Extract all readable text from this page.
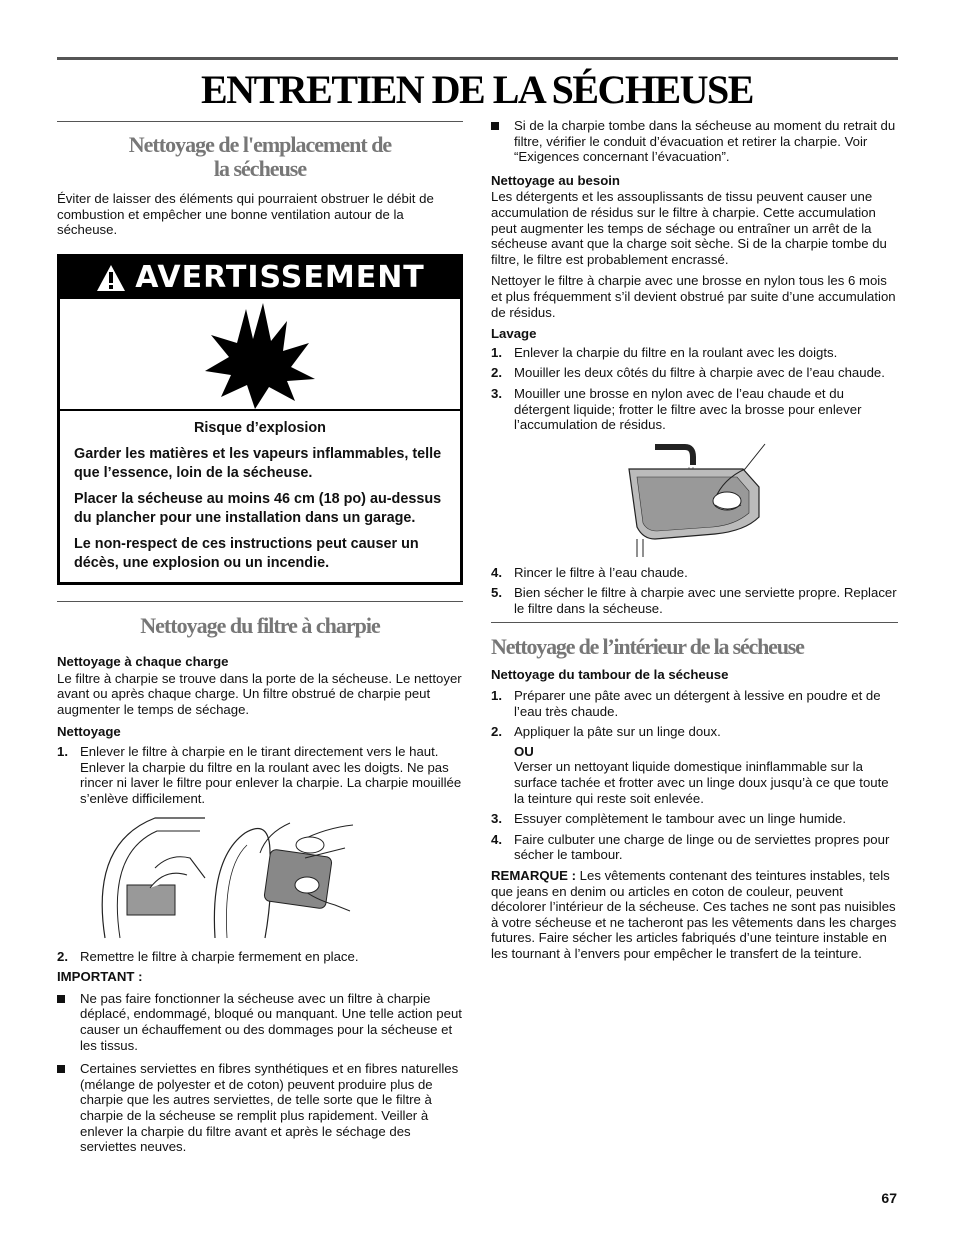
ENTRETIEN DE LA SÉCHEUSE
Nettoyage de l'emplacement de
la sécheuse

Éviter de laisser des éléments qui pourraient obstruer le débit de combustion et empêcher une bonne ventilation autour de la sécheuse.

AVERTISSEMENT

Risque d’explosion

Garder les matières et les vapeurs inflammables, telle que l’essence, loin de la sécheuse.

Placer la sécheuse au moins 46 cm (18 po) au-dessus du plancher pour une installation dans un garage.

Le non-respect de ces instructions peut causer un décès, une explosion ou un incendie.

Nettoyage du filtre à charpie
Nettoyage à chaque charge

Le filtre à charpie se trouve dans la porte de la sécheuse. Le nettoyer avant ou après chaque charge. Un filtre obstrué de charpie peut augmenter le temps de séchage.

Nettoyage
1. Enlever le filtre à charpie en le tirant directement vers le haut. Enlever la charpie du filtre en la roulant avec les doigts. Ne pas rincer ni laver le filtre pour enlever la charpie. La charpie mouillée s’enlève difficilement.
2. Remettre le filtre à charpie fermement en place.
IMPORTANT :
Ne pas faire fonctionner la sécheuse avec un filtre à charpie déplacé, endommagé, bloqué ou manquant. Une telle action peut causer un échauffement ou des dommages pour la sécheuse et les tissus.
Certaines serviettes en fibres synthétiques et en fibres naturelles (mélange de polyester et de coton) peuvent produire plus de charpie que les autres serviettes, de telle sorte que le filtre à charpie de la sécheuse se remplit plus rapidement. Veiller à enlever la charpie du filtre avant et après le séchage des serviettes neuves.
Si de la charpie tombe dans la sécheuse au moment du retrait du filtre, vérifier le conduit d’évacuation et retirer la charpie. Voir “Exigences concernant l’évacuation”.
Nettoyage au besoin

Les détergents et les assouplissants de tissu peuvent causer une accumulation de résidus sur le filtre à charpie. Cette accumulation peut augmenter les temps de séchage ou entraîner un arrêt de la sécheuse avant que la charge soit sèche. Si de la charpie tombe du filtre, le filtre est probablement encrassé.

Nettoyer le filtre à charpie avec une brosse en nylon tous les 6 mois et plus fréquemment s’il devient obstrué par suite d’une accumulation de résidus.

Lavage
1. Enlever la charpie du filtre en la roulant avec les doigts.
2. Mouiller les deux côtés du filtre à charpie avec de l’eau chaude.
3. Mouiller une brosse en nylon avec de l’eau chaude et du détergent liquide; frotter le filtre avec la brosse pour enlever l’accumulation de résidus.
4. Rincer le filtre à l’eau chaude.
5. Bien sécher le filtre à charpie avec une serviette propre. Replacer le filtre dans la sécheuse.
Nettoyage de l’intérieur de la sécheuse
Nettoyage du tambour de la sécheuse
1. Préparer une pâte avec un détergent à lessive en poudre et de l’eau très chaude.
2. Appliquer la pâte sur un linge doux.
OU
Verser un nettoyant liquide domestique ininflammable sur la surface tachée et frotter avec un linge doux jusqu’à ce que toute la teinture qui reste soit enlevée.
3. Essuyer complètement le tambour avec un linge humide.
4. Faire culbuter une charge de linge ou de serviettes propres pour sécher le tambour.

REMARQUE : Les vêtements contenant des teintures instables, tels que jeans en denim ou articles en coton de couleur, peuvent décolorer l’intérieur de la sécheuse. Ces taches ne sont pas nuisibles à votre sécheuse et ne tacheront pas les vêtements dans les charges futures. Faire sécher les articles fabriqués d’une teinture instable en les tournant à l’envers pour empêcher le transfert de la teinture.

67
